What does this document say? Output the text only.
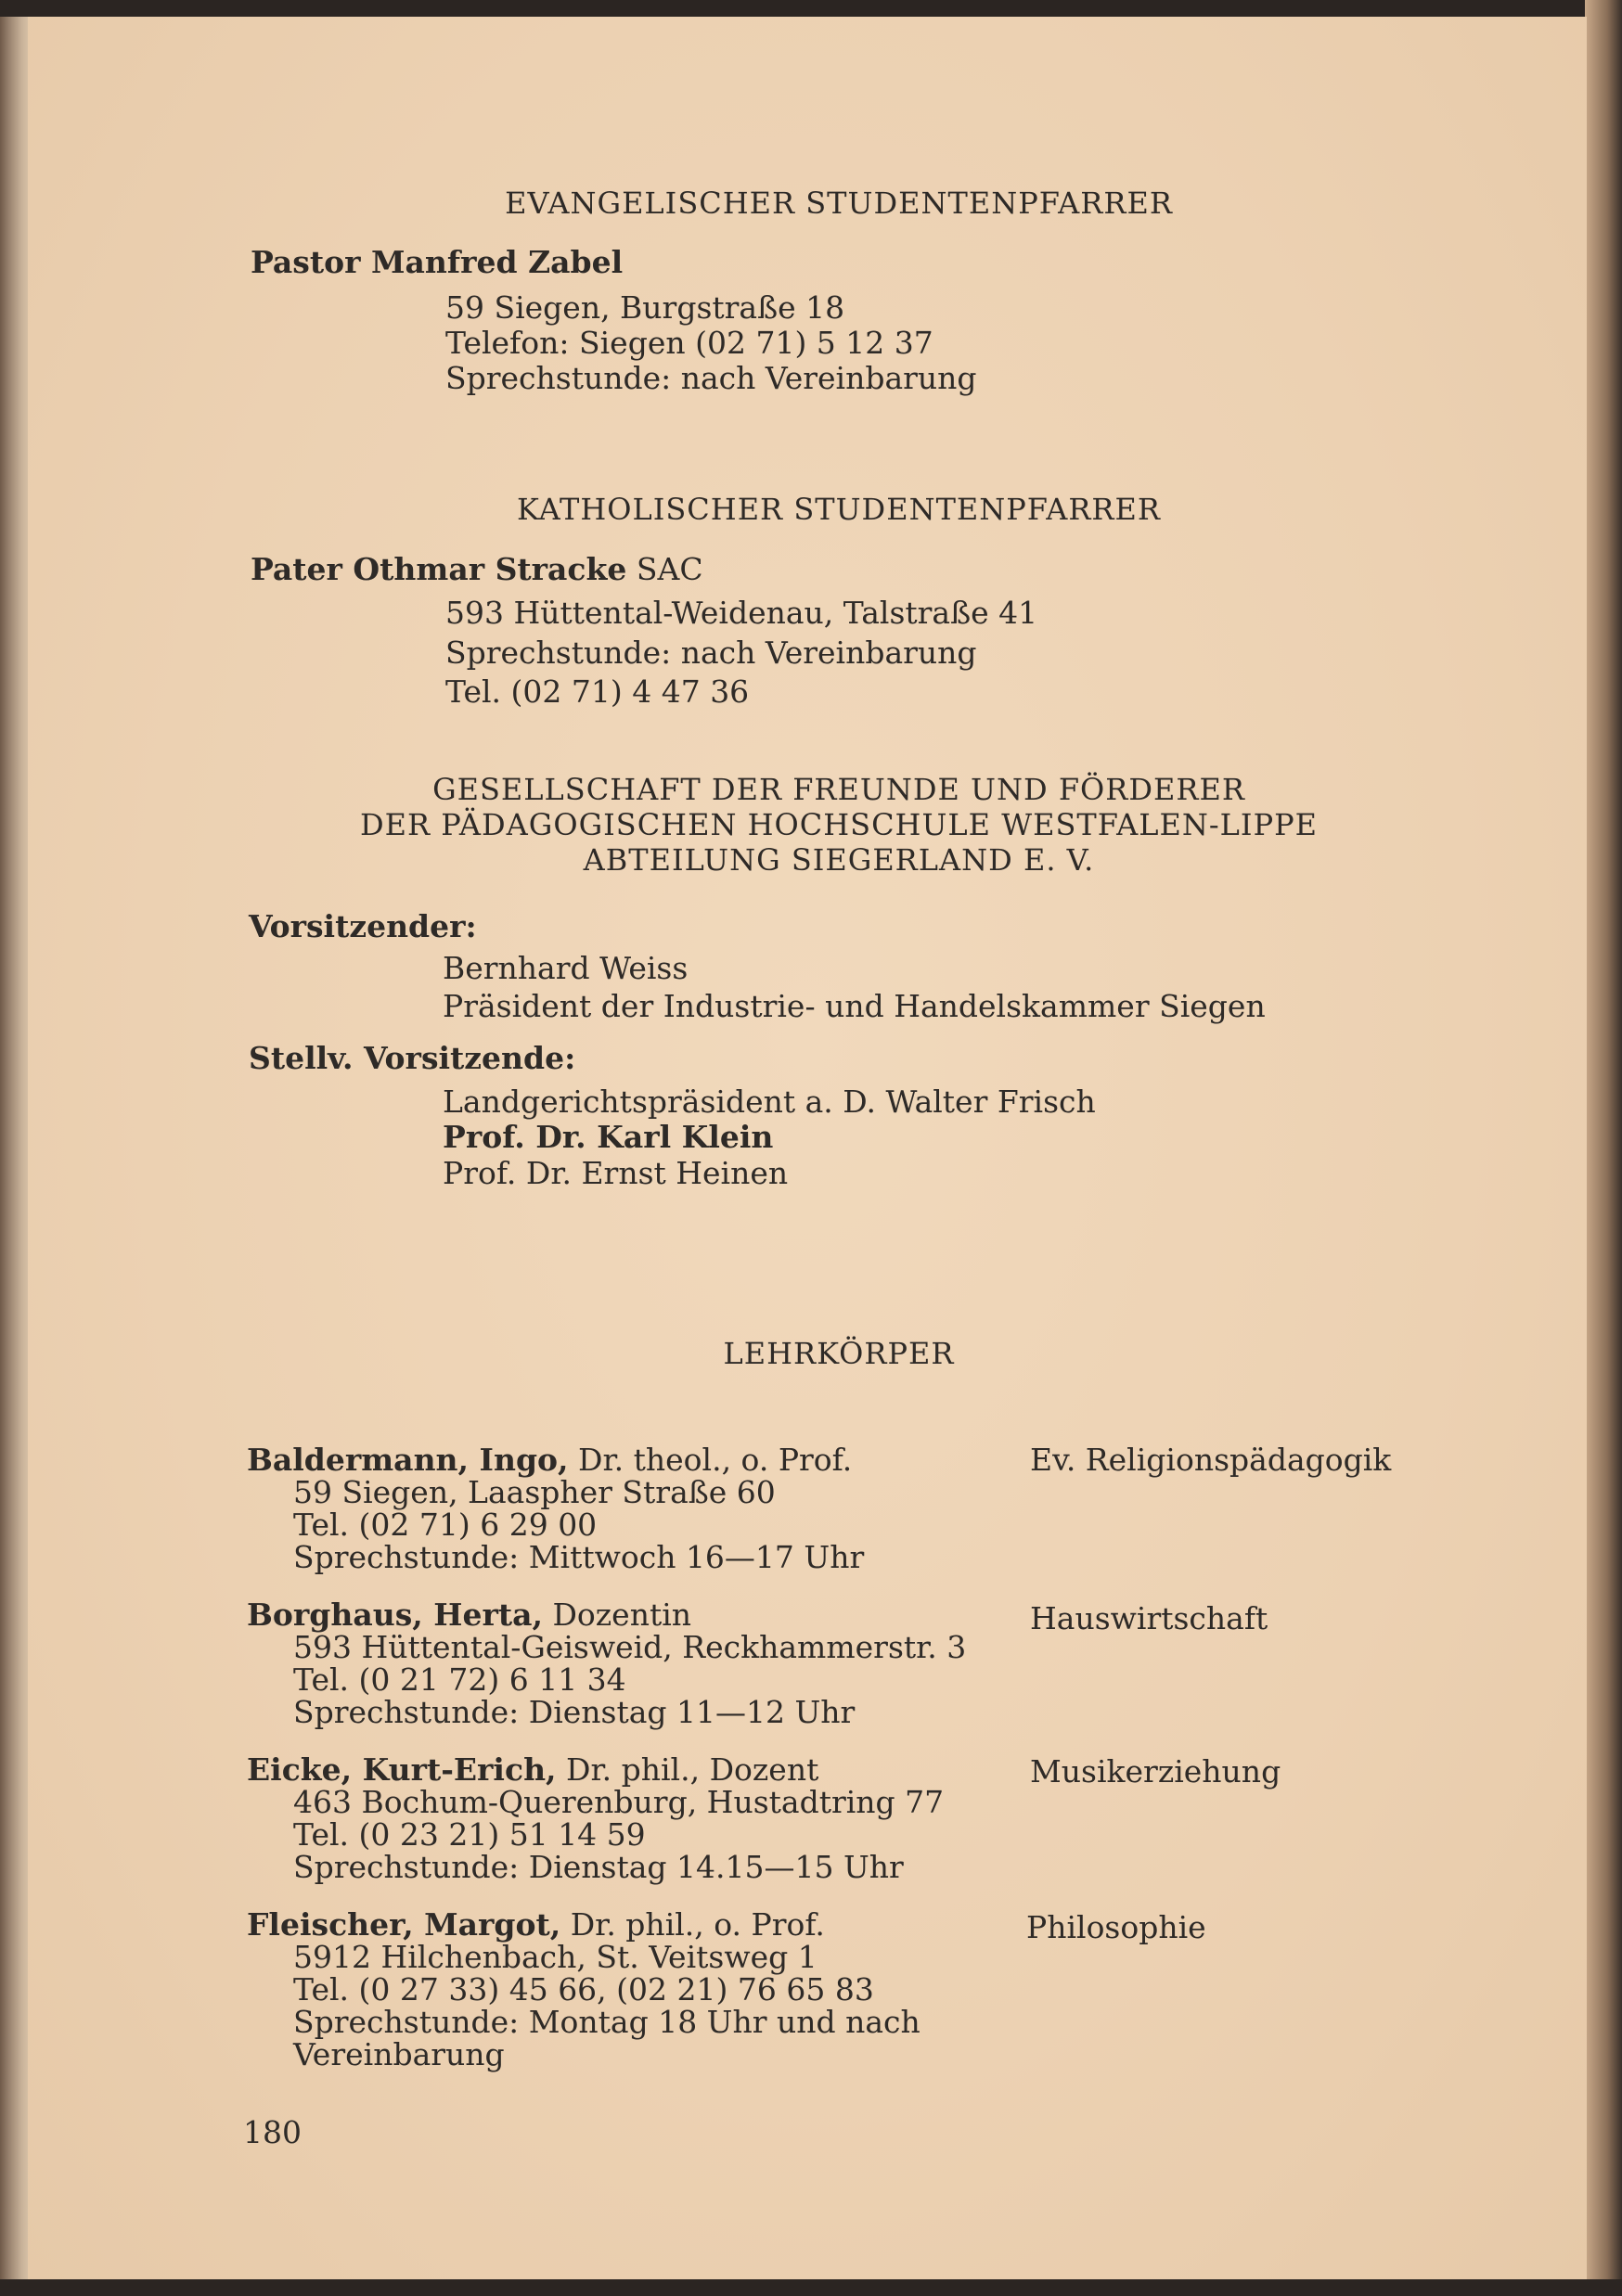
EVANGELISCHER STUDENTENPFARRER

Pastor Manfred Zabel

59 Siegen, Burgstraße 18

Telefon: Siegen (02 71) 5 12 37

Sprechstunde: nach Vereinbarung

KATHOLISCHER STUDENTENPFARRER

Pater Othmar Stracke SAC

593 Hüttental-Weidenau, Talstraße 41

Sprechstunde: nach Vereinbarung

Tel. (02 71) 4 47 36

GESELLSCHAFT DER FREUNDE UND FÖRDERER

DER PÄDAGOGISCHEN HOCHSCHULE WESTFALEN-LIPPE

ABTEILUNG SIEGERLAND E. V.

Vorsitzender:

Bernhard Weiss

Präsident der Industrie- und Handelskammer Siegen

Stellv. Vorsitzende:

Landgerichtspräsident a. D. Walter Frisch

Prof. Dr. Karl Klein

Prof. Dr. Ernst Heinen

LEHRKÖRPER

Baldermann, Ingo, Dr. theol., o. Prof.	Ev. Religionspädagogik

59 Siegen, Laaspher Straße 60

Tel. (02 71) 6 29 00

Sprechstunde: Mittwoch 16—17 Uhr

Borghaus, Herta, Dozentin	Hauswirtschaft

593 Hüttental-Geisweid, Reckhammerstr. 3

Tel. (0 21 72) 6 11 34

Sprechstunde: Dienstag 11—12 Uhr

Eicke, Kurt-Erich, Dr. phil., Dozent	Musikerziehung

463 Bochum-Querenburg, Hustadtring 77

Tel. (0 23 21) 51 14 59

Sprechstunde: Dienstag 14.15—15 Uhr

Fleischer, Margot, Dr. phil., o. Prof.	Philosophie

5912 Hilchenbach, St. Veitsweg 1

Tel. (0 27 33) 45 66, (02 21) 76 65 83

Sprechstunde: Montag 18 Uhr und nach

Vereinbarung

180
